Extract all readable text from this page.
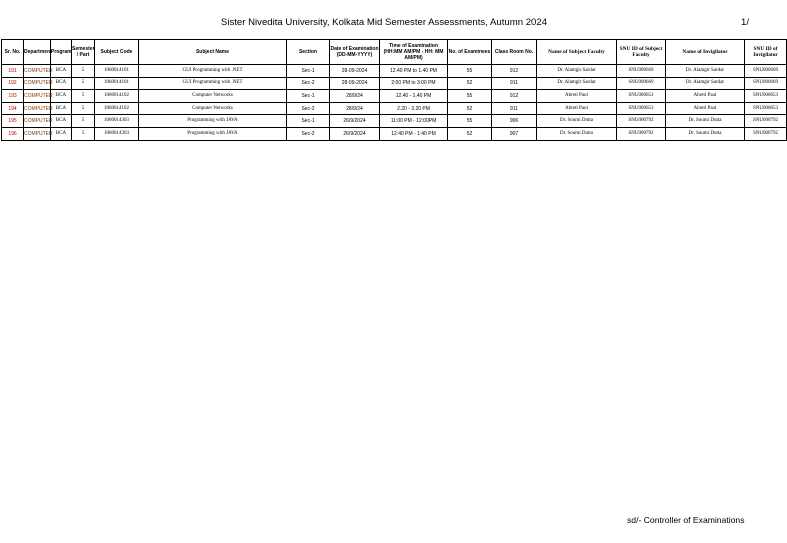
Sister Nivedita University, Kolkata Mid Semester Assessments, Autumn 2024	1/
Sr. No.	Department	Program	Semester / Part	Subject Code	Subject Name	Section	Date of Examination (DD-MM-YYYY)	Time of Examination (HH:MM AM/PM - HH: MM AM/PM)	No. of Examinees	Class Room No.	Name of Subject Faculty	SNU ID of Subject Faculty	Name of Invigilator	SNU ID of Invigilator
191	COMPUTER	BCA	5	1060014101	GUI Programming with .NET	Sec-1	28-09-2024	12.40 PM to 1.40 PM	55	912	Dr. Alamgir Sardar	SNU000669	Dr. Alamgir Sardar	SNU000669
192	COMPUTER	BCA	5	1060014101	GUI Programming with .NET	Sec-2	28-09-2024	2:00 PM to 3:00 PM	52	911	Dr. Alamgir Sardar	SNU000669	Dr. Alamgir Sardar	SNU000669
193	COMPUTER	BCA	5	1060014102	Computer Networks	Sec-1	28/9/24	12.40 - 1.40 PM	55	912	Abreti Paul	SNU000653	Abreti Paul	SNU000653
194	COMPUTER	BCA	5	1060014102	Computer Networks	Sec-2	28/9/24	2.20 - 3.20 PM	52	911	Abreti Paul	SNU000653	Abreti Paul	SNU000653
195	COMPUTER	BCA	5	1060014303	Programming with JAVA	Sec-1	26/9/2024	11:00 PM - 12:00PM	55	906	Dr. Soumi Dutta	SNU000792	Dr. Soumi Dutta	SNU000792
196	COMPUTER	BCA	5	1060014303	Programming with JAVA	Sec-2	26/9/2024	12:40 PM - 1:40 PM	52	907	Dr. Soumi Dutta	SNU000792	Dr. Soumi Dutta	SNU000792
sd/- Controller of Examinations
